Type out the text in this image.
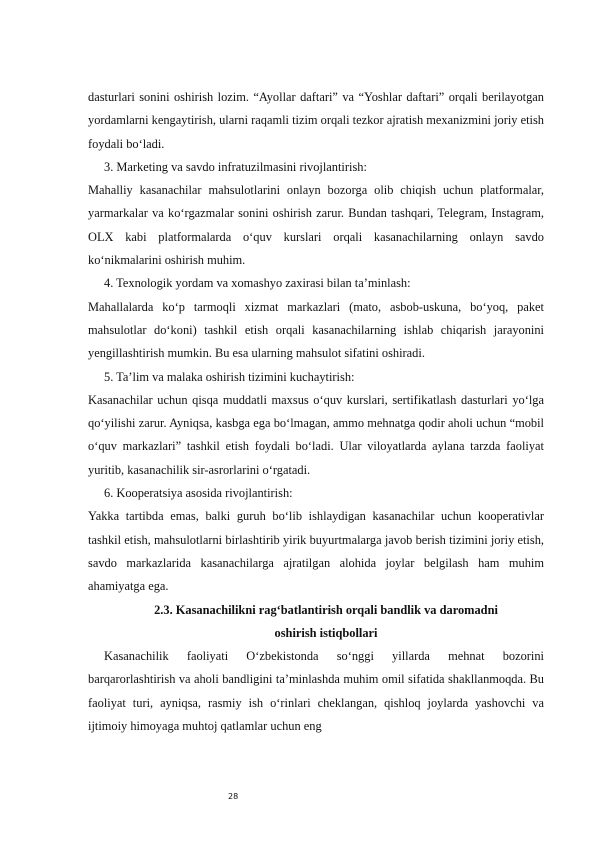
dasturlari sonini oshirish lozim. “Ayollar daftari” va “Yoshlar daftari” orqali berilayotgan yordamlarni kengaytirish, ularni raqamli tizim orqali tezkor ajratish mexanizmini joriy etish foydali bo‘ladi.

3. Marketing va savdo infratuzilmasini rivojlantirish:

Mahalliy kasanachilar mahsulotlarini onlayn bozorga olib chiqish uchun platformalar, yarmarkalar va ko‘rgazmalar sonini oshirish zarur. Bundan tashqari, Telegram, Instagram, OLX kabi platformalarda o‘quv kurslari orqali kasanachilarning onlayn savdo ko‘nikmalarini oshirish muhim.

4. Texnologik yordam va xomashyo zaxirasi bilan ta’minlash:

Mahallalarda ko‘p tarmoqli xizmat markazlari (mato, asbob-uskuna, bo‘yoq, paket mahsulotlar do‘koni) tashkil etish orqali kasanachilarning ishlab chiqarish jarayonini yengillashtirish mumkin. Bu esa ularning mahsulot sifatini oshiradi.

5. Ta’lim va malaka oshirish tizimini kuchaytirish:

Kasanachilar uchun qisqa muddatli maxsus o‘quv kurslari, sertifikatlash dasturlari yo‘lga qo‘yilishi zarur. Ayniqsa, kasbga ega bo‘lmagan, ammo mehnatga qodir aholi uchun “mobil o‘quv markazlari” tashkil etish foydali bo‘ladi. Ular viloyatlarda aylana tarzda faoliyat yuritib, kasanachilik sir-asrorlarini o‘rgatadi.

6. Kooperatsiya asosida rivojlantirish:

Yakka tartibda emas, balki guruh bo‘lib ishlaydigan kasanachilar uchun kooperativlar tashkil etish, mahsulotlarni birlashtirib yirik buyurtmalarga javob berish tizimini joriy etish, savdo markazlarida kasanachilarga ajratilgan alohida joylar belgilash ham muhim ahamiyatga ega.

2.3. Kasanachilikni rag‘batlantirish orqali bandlik va daromadni
oshirish istiqbollari

Kasanachilik faoliyati O‘zbekistonda so‘nggi yillarda mehnat bozorini barqarorlashtirish va aholi bandligini ta’minlashda muhim omil sifatida shakllanmoqda. Bu faoliyat turi, ayniqsa, rasmiy ish o‘rinlari cheklangan, qishloq joylarda yashovchi va ijtimoiy himoyaga muhtoj qatlamlar uchun eng

28
